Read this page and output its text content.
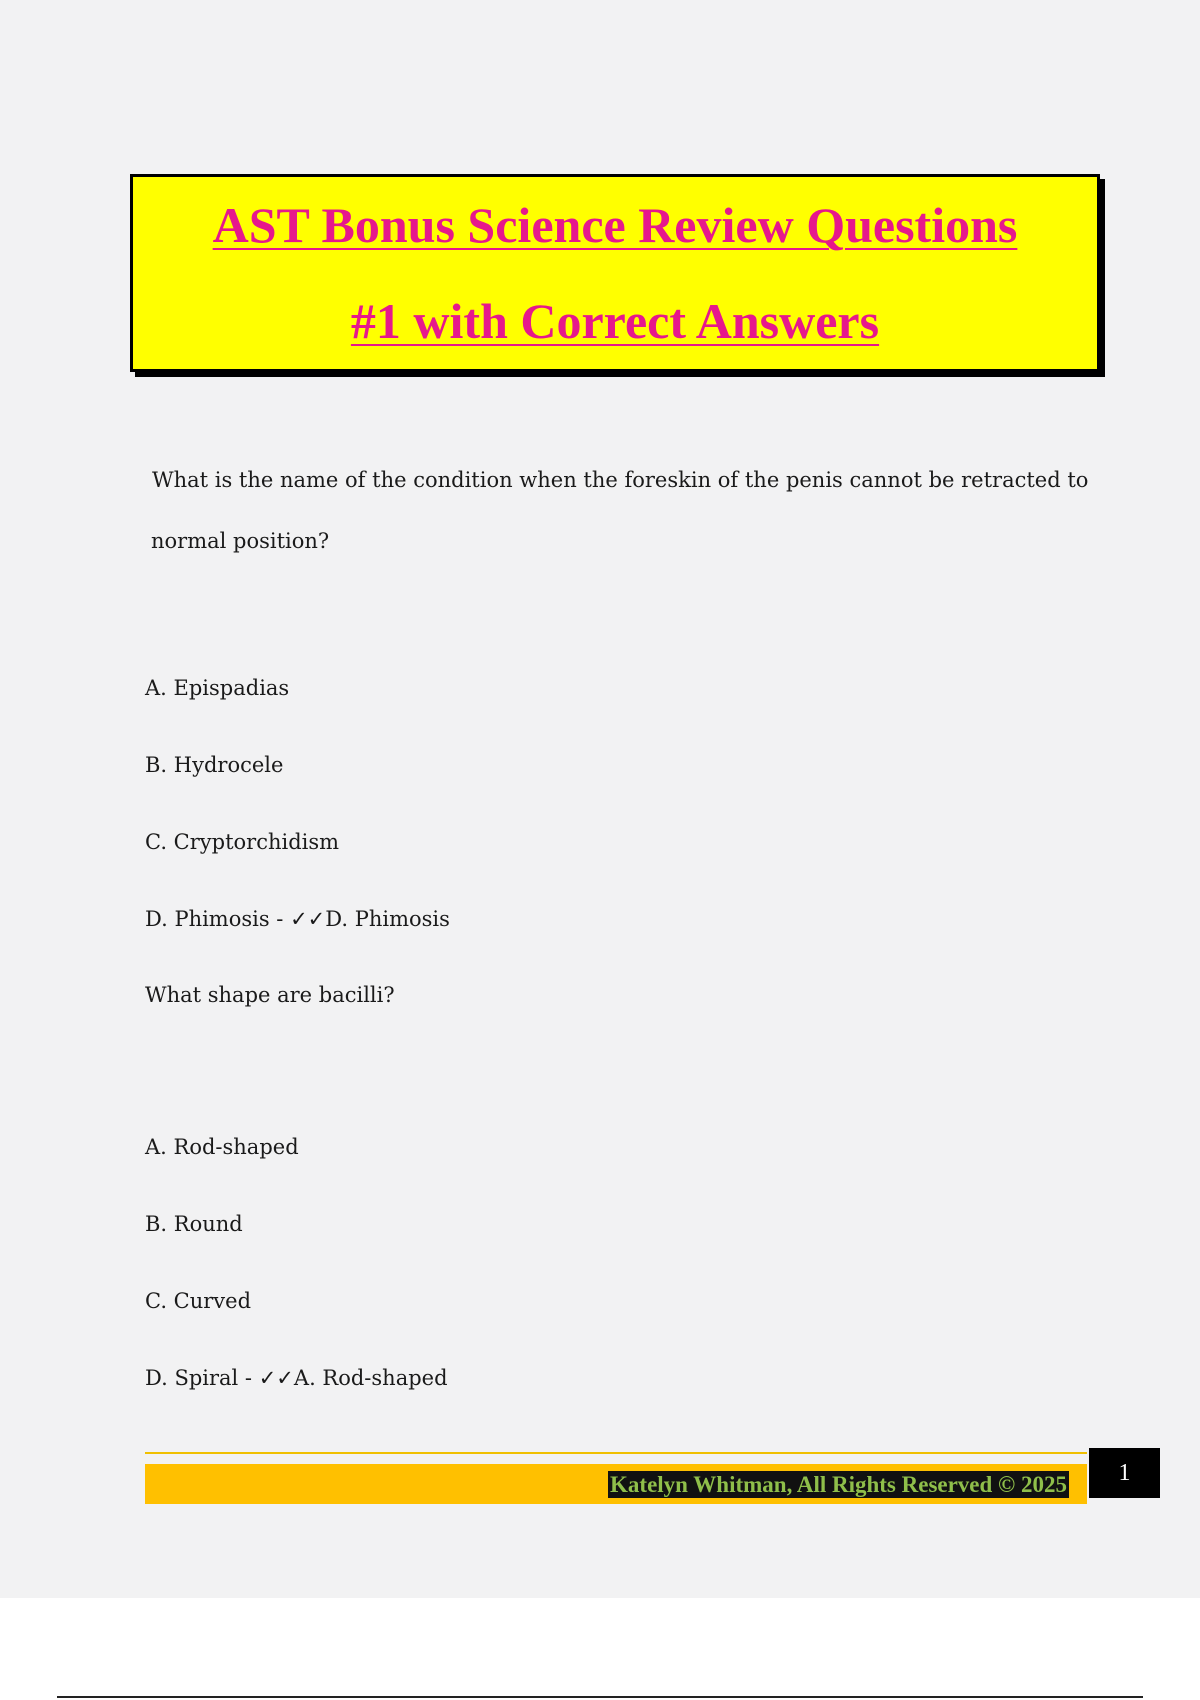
AST Bonus Science Review Questions
#1 with Correct Answers

What is the name of the condition when the foreskin of the penis cannot be retracted to
normal position?

A. Epispadias

B. Hydrocele

C. Cryptorchidism

D. Phimosis - ✓✓D. Phimosis

What shape are bacilli?

A. Rod-shaped

B. Round

C. Curved

D. Spiral - ✓✓A. Rod-shaped

Katelyn Whitman, All Rights Reserved © 2025	1
